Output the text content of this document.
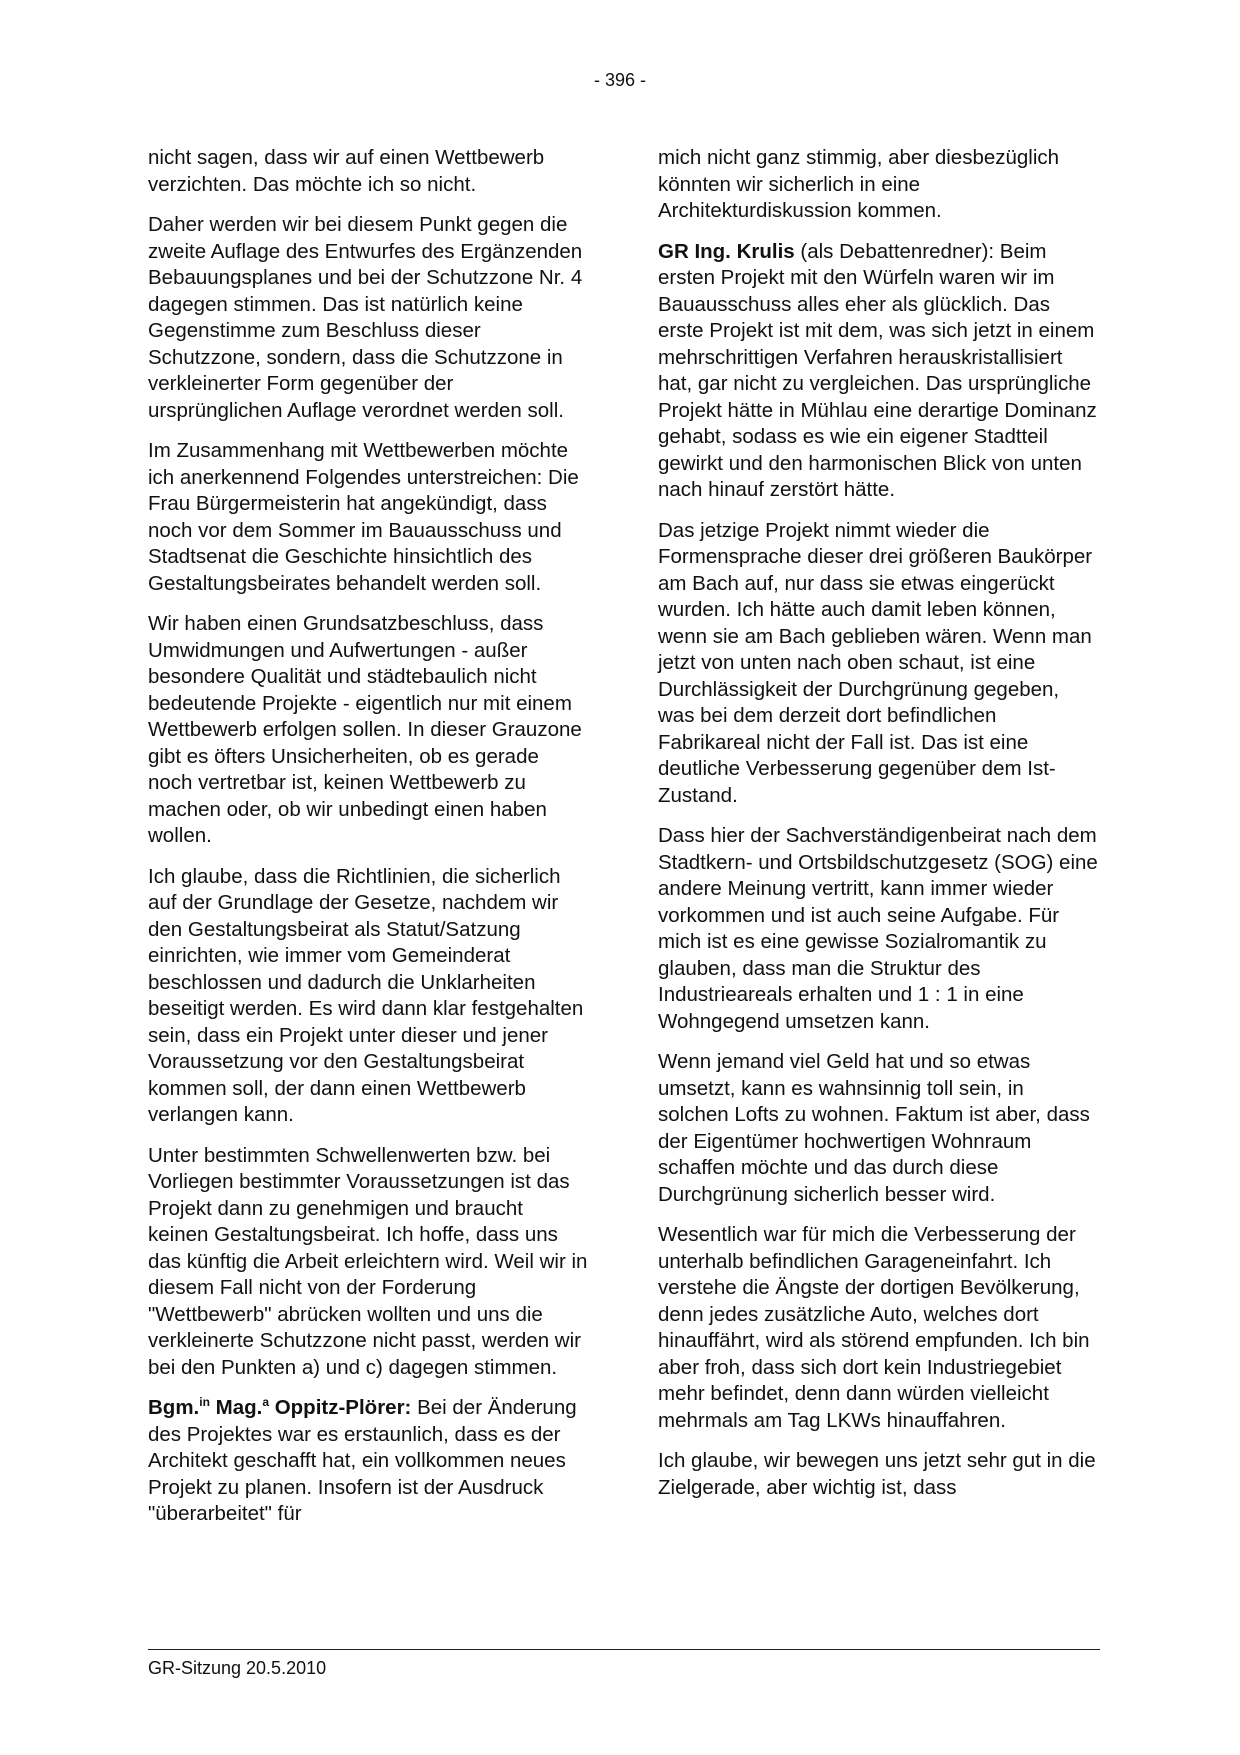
- 396 -

nicht sagen, dass wir auf einen Wettbewerb verzichten. Das möchte ich so nicht.

Daher werden wir bei diesem Punkt gegen die zweite Auflage des Entwurfes des Ergänzenden Bebauungsplanes und bei der Schutzzone Nr. 4 dagegen stimmen. Das ist natürlich keine Gegenstimme zum Beschluss dieser Schutzzone, sondern, dass die Schutzzone in verkleinerter Form gegenüber der ursprünglichen Auflage verordnet werden soll.

Im Zusammenhang mit Wettbewerben möchte ich anerkennend Folgendes unterstreichen: Die Frau Bürgermeisterin hat angekündigt, dass noch vor dem Sommer im Bauausschuss und Stadtsenat die Geschichte hinsichtlich des Gestaltungsbeirates behandelt werden soll.

Wir haben einen Grundsatzbeschluss, dass Umwidmungen und Aufwertungen - außer besondere Qualität und städtebaulich nicht bedeutende Projekte - eigentlich nur mit einem Wettbewerb erfolgen sollen. In dieser Grauzone gibt es öfters Unsicherheiten, ob es gerade noch vertretbar ist, keinen Wettbewerb zu machen oder, ob wir unbedingt einen haben wollen.

Ich glaube, dass die Richtlinien, die sicherlich auf der Grundlage der Gesetze, nachdem wir den Gestaltungsbeirat als Statut/Satzung einrichten, wie immer vom Gemeinderat beschlossen und dadurch die Unklarheiten beseitigt werden. Es wird dann klar festgehalten sein, dass ein Projekt unter dieser und jener Voraussetzung vor den Gestaltungsbeirat kommen soll, der dann einen Wettbewerb verlangen kann.

Unter bestimmten Schwellenwerten bzw. bei Vorliegen bestimmter Voraussetzungen ist das Projekt dann zu genehmigen und braucht keinen Gestaltungsbeirat. Ich hoffe, dass uns das künftig die Arbeit erleichtern wird. Weil wir in diesem Fall nicht von der Forderung "Wettbewerb" abrücken wollten und uns die verkleinerte Schutzzone nicht passt, werden wir bei den Punkten a) und c) dagegen stimmen.

Bgm.$^{in}$ Mag.$^a$ Oppitz-Plörer: Bei der Änderung des Projektes war es erstaunlich, dass es der Architekt geschafft hat, ein vollkommen neues Projekt zu planen. Insofern ist der Ausdruck "überarbeitet" für

mich nicht ganz stimmig, aber diesbezüglich könnten wir sicherlich in eine Architekturdiskussion kommen.

GR Ing. Krulis (als Debattenredner): Beim ersten Projekt mit den Würfeln waren wir im Bauausschuss alles eher als glücklich. Das erste Projekt ist mit dem, was sich jetzt in einem mehrschrittigen Verfahren herauskristallisiert hat, gar nicht zu vergleichen. Das ursprüngliche Projekt hätte in Mühlau eine derartige Dominanz gehabt, sodass es wie ein eigener Stadtteil gewirkt und den harmonischen Blick von unten nach hinauf zerstört hätte.

Das jetzige Projekt nimmt wieder die Formensprache dieser drei größeren Baukörper am Bach auf, nur dass sie etwas eingerückt wurden. Ich hätte auch damit leben können, wenn sie am Bach geblieben wären. Wenn man jetzt von unten nach oben schaut, ist eine Durchlässigkeit der Durchgrünung gegeben, was bei dem derzeit dort befindlichen Fabrikareal nicht der Fall ist. Das ist eine deutliche Verbesserung gegenüber dem Ist-Zustand.

Dass hier der Sachverständigenbeirat nach dem Stadtkern- und Ortsbildschutzgesetz (SOG) eine andere Meinung vertritt, kann immer wieder vorkommen und ist auch seine Aufgabe. Für mich ist es eine gewisse Sozialromantik zu glauben, dass man die Struktur des Industrieareals erhalten und 1 : 1 in eine Wohngegend umsetzen kann.

Wenn jemand viel Geld hat und so etwas umsetzt, kann es wahnsinnig toll sein, in solchen Lofts zu wohnen. Faktum ist aber, dass der Eigentümer hochwertigen Wohnraum schaffen möchte und das durch diese Durchgrünung sicherlich besser wird.

Wesentlich war für mich die Verbesserung der unterhalb befindlichen Garageneinfahrt. Ich verstehe die Ängste der dortigen Bevölkerung, denn jedes zusätzliche Auto, welches dort hinauffährt, wird als störend empfunden. Ich bin aber froh, dass sich dort kein Industriegebiet mehr befindet, denn dann würden vielleicht mehrmals am Tag LKWs hinauffahren.

Ich glaube, wir bewegen uns jetzt sehr gut in die Zielgerade, aber wichtig ist, dass

GR-Sitzung 20.5.2010
